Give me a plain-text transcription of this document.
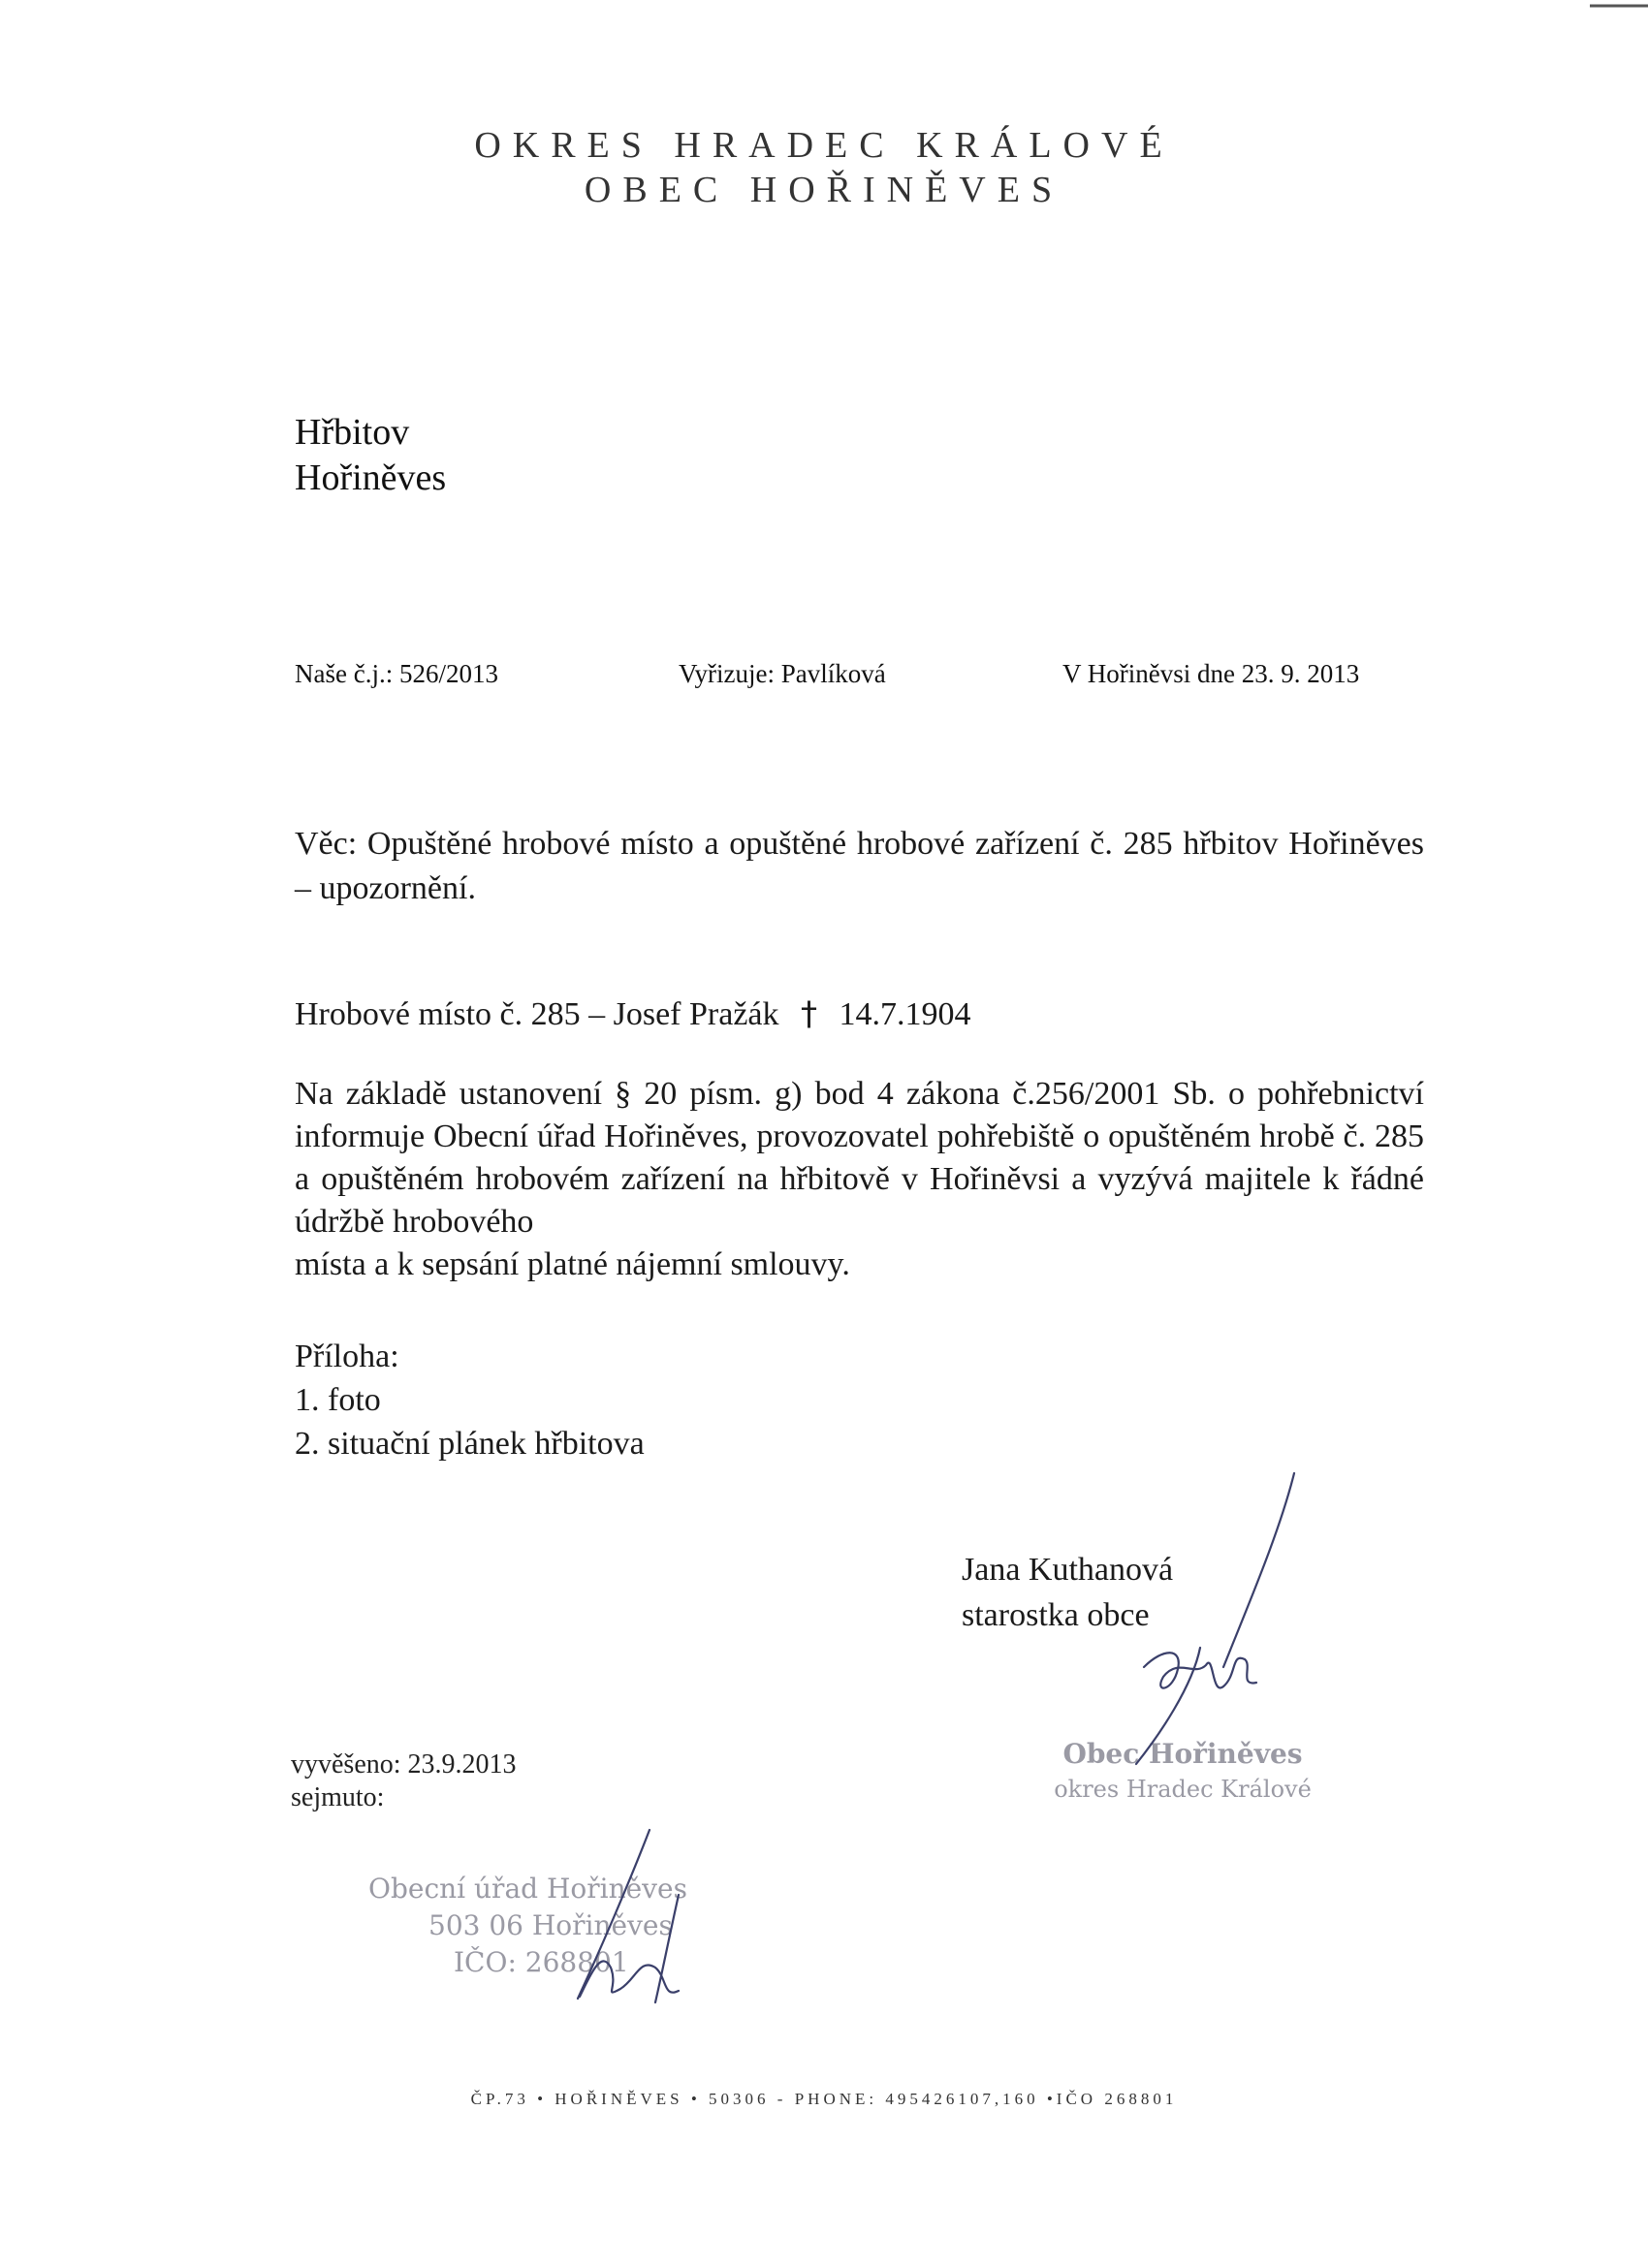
OKRES HRADEC KRÁLOVÉ
OBEC HOŘINĚVES
Hřbitov
Hořiněves
Naše č.j.: 526/2013	Vyřizuje: Pavlíková	V Hořiněvsi dne 23. 9. 2013
Věc: Opuštěné hrobové místo a opuštěné hrobové zařízení č. 285 hřbitov Hořiněves – upozornění.
Hrobové místo č. 285 – Josef Pražák † 14.7.1904
Na základě ustanovení § 20 písm. g) bod 4 zákona č.256/2001 Sb. o pohřebnictví informuje Obecní úřad Hořiněves, provozovatel pohřebiště o opuštěném hrobě č. 285 a opuštěném hrobovém zařízení na hřbitově v Hořiněvsi a vyzývá majitele k řádné údržbě hrobového
místa a k sepsání platné nájemní smlouvy.
Příloha:
1. foto
2. situační plánek hřbitova
Jana Kuthanová
starostka obce
vyvěšeno: 23.9.2013
sejmuto:
Obec Hořiněves
okres Hradec Králové
Obecní úřad Hořiněves
503 06 Hořiněves
IČO: 268801
ČP.73 • HOŘINĚVES • 50306 - PHONE: 495426107,160 •IČO 268801
